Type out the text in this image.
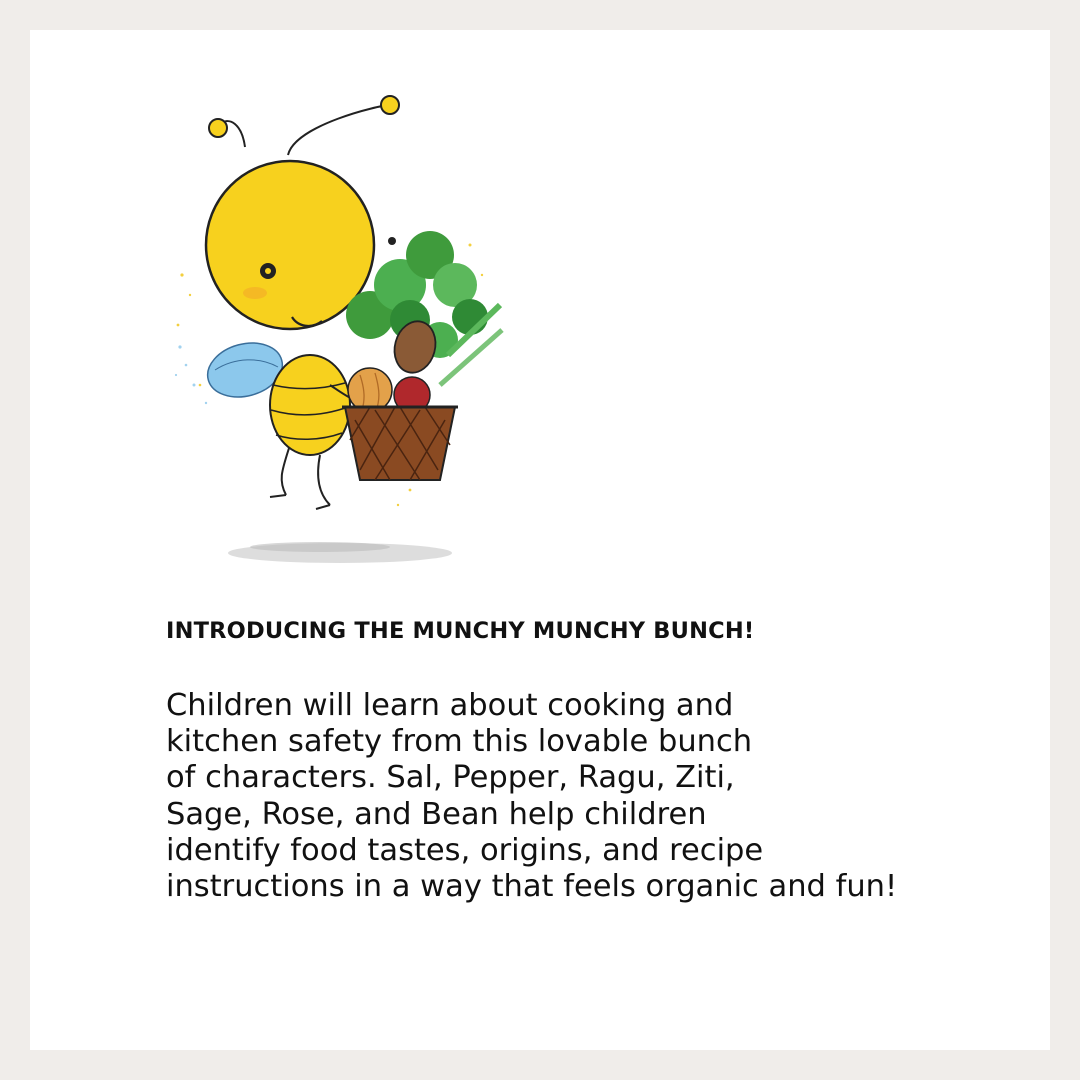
INTRODUCING THE MUNCHY MUNCHY BUNCH!

Children will learn about cooking and
kitchen safety from this lovable bunch
of characters. Sal, Pepper, Ragu, Ziti,
Sage, Rose, and Bean help children
identify food tastes, origins, and recipe
instructions in a way that feels organic and fun!
